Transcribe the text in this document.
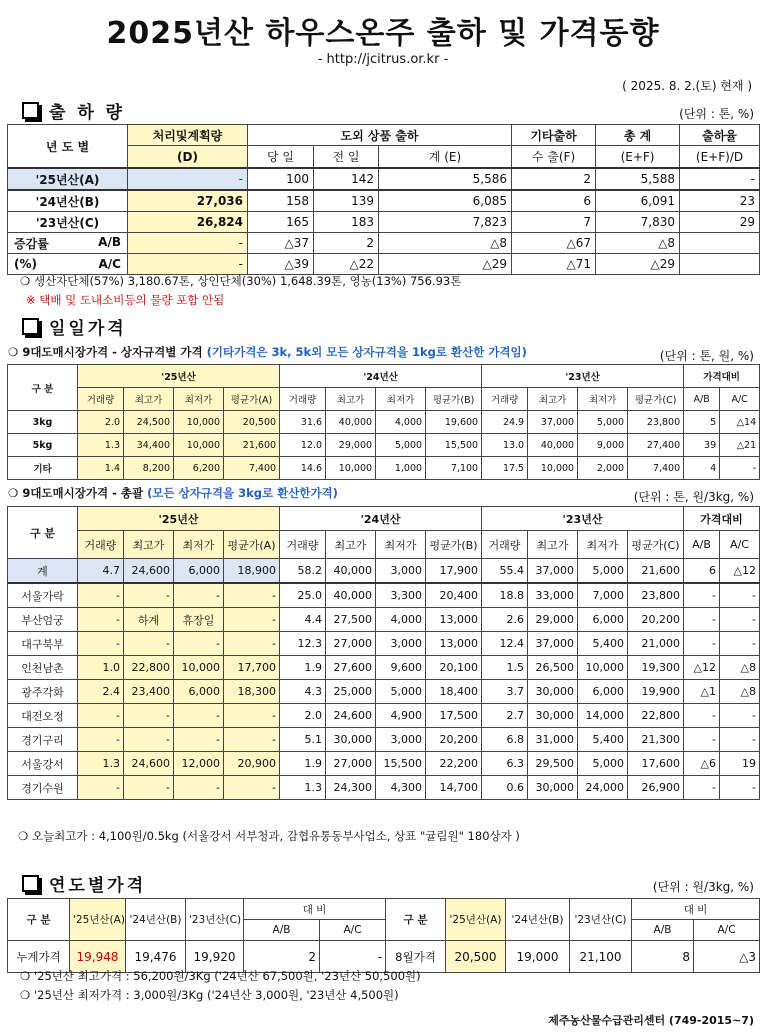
2025년산 하우스온주 출하 및 가격동향
- http://jcitrus.or.kr -
( 2025. 8. 2.(토) 현재 )
출 하 량	(단위 : 톤, %)
년 도 별	처리및계획량	도외 상품 출하			기타출하	총 계	출하율
	(D)	당 일	전 일	계 (E)	수 출(F)	(E+F)	(E+F)/D
'25년산(A)	-	100	142	5,586	2	5,588	-
'24년산(B)	27,036	158	139	6,085	6	6,091	23
'23년산(C)	26,824	165	183	7,823	7	7,830	29

증감률 A/B	-	△37	2	△8	△67	△8	

(%) A/C	-	△39	△22	△29	△71	△29	
❍ 생산자단체(57%) 3,180.67톤, 상인단체(30%) 1,648.39톤, 영농(13%) 756.93톤
※ 택배 및 도내소비등의 물량 포함 안됨
일일가격
❍ 9대도매시장가격 - 상자규격별 가격 (기타가격은 3k, 5k외 모든 상자규격을 1kg로 환산한 가격임)	(단위 : 톤, 원, %)
구 분	'25년산				'24년산				'23년산				가격대비	
	거래량	최고가	최저가	평균가(A)	거래량	최고가	최저가	평균가(B)	거래량	최고가	최저가	평균가(C)	A/B	A/C
3kg	2.0	24,500	10,000	20,500	31.6	40,000	4,000	19,600	24.9	37,000	5,000	23,800	5	△14
5kg	1.3	34,400	10,000	21,600	12.0	29,000	5,000	15,500	13.0	40,000	9,000	27,400	39	△21
기타	1.4	8,200	6,200	7,400	14.6	10,000	1,000	7,100	17.5	10,000	2,000	7,400	4	-
❍ 9대도매시장가격 - 총괄 (모든 상자규격을 3kg로 환산한가격)	(단위 : 톤, 원/3kg, %)
구 분	'25년산				'24년산				'23년산				가격대비	
	거래량	최고가	최저가	평균가(A)	거래량	최고가	최저가	평균가(B)	거래량	최고가	최저가	평균가(C)	A/B	A/C
계	4.7	24,600	6,000	18,900	58.2	40,000	3,000	17,900	55.4	37,000	5,000	21,600	6	△12
서울가락	-	-	-	-	25.0	40,000	3,300	20,400	18.8	33,000	7,000	23,800	-	-
부산엄궁	-	하계	휴장일	-	4.4	27,500	4,000	13,000	2.6	29,000	6,000	20,200	-	-
대구북부	-	-	-	-	12.3	27,000	3,000	13,000	12.4	37,000	5,400	21,000	-	-
인천남촌	1.0	22,800	10,000	17,700	1.9	27,600	9,600	20,100	1.5	26,500	10,000	19,300	△12	△8
광주각화	2.4	23,400	6,000	18,300	4.3	25,000	5,000	18,400	3.7	30,000	6,000	19,900	△1	△8
대전오정	-	-	-	-	2.0	24,600	4,900	17,500	2.7	30,000	14,000	22,800	-	-
경기구리	-	-	-	-	5.1	30,000	3,000	20,200	6.8	31,000	5,400	21,300	-	-
서울강서	1.3	24,600	12,000	20,900	1.9	27,000	15,500	22,200	6.3	29,500	5,000	17,600	△6	19
경기수원	-	-	-	-	1.3	24,300	4,300	14,700	0.6	30,000	24,000	26,900	-	-
❍ 오늘최고가 : 4,100원/0.5kg (서울강서 서부청과, 감협유통동부사업소, 상표 "귤림원" 180상자 )
연도별가격	(단위 : 원/3kg, %)
구 분	'25년산(A)	'24년산(B)	'23년산(C)	대 비		구 분	'25년산(A)	'24년산(B)	'23년산(C)	대 비	
				A/B	A/C					A/B	A/C
누계가격	19,948	19,476	19,920	2	-	8월가격	20,500	19,000	21,100	8	△3
❍ '25년산 최고가격 : 56,200원/3Kg ('24년산 67,500원, '23년산 50,500원)
❍ '25년산 최저가격 : 3,000원/3Kg ('24년산 3,000원, '23년산 4,500원)
제주농산물수급관리센터 (749-2015~7)
